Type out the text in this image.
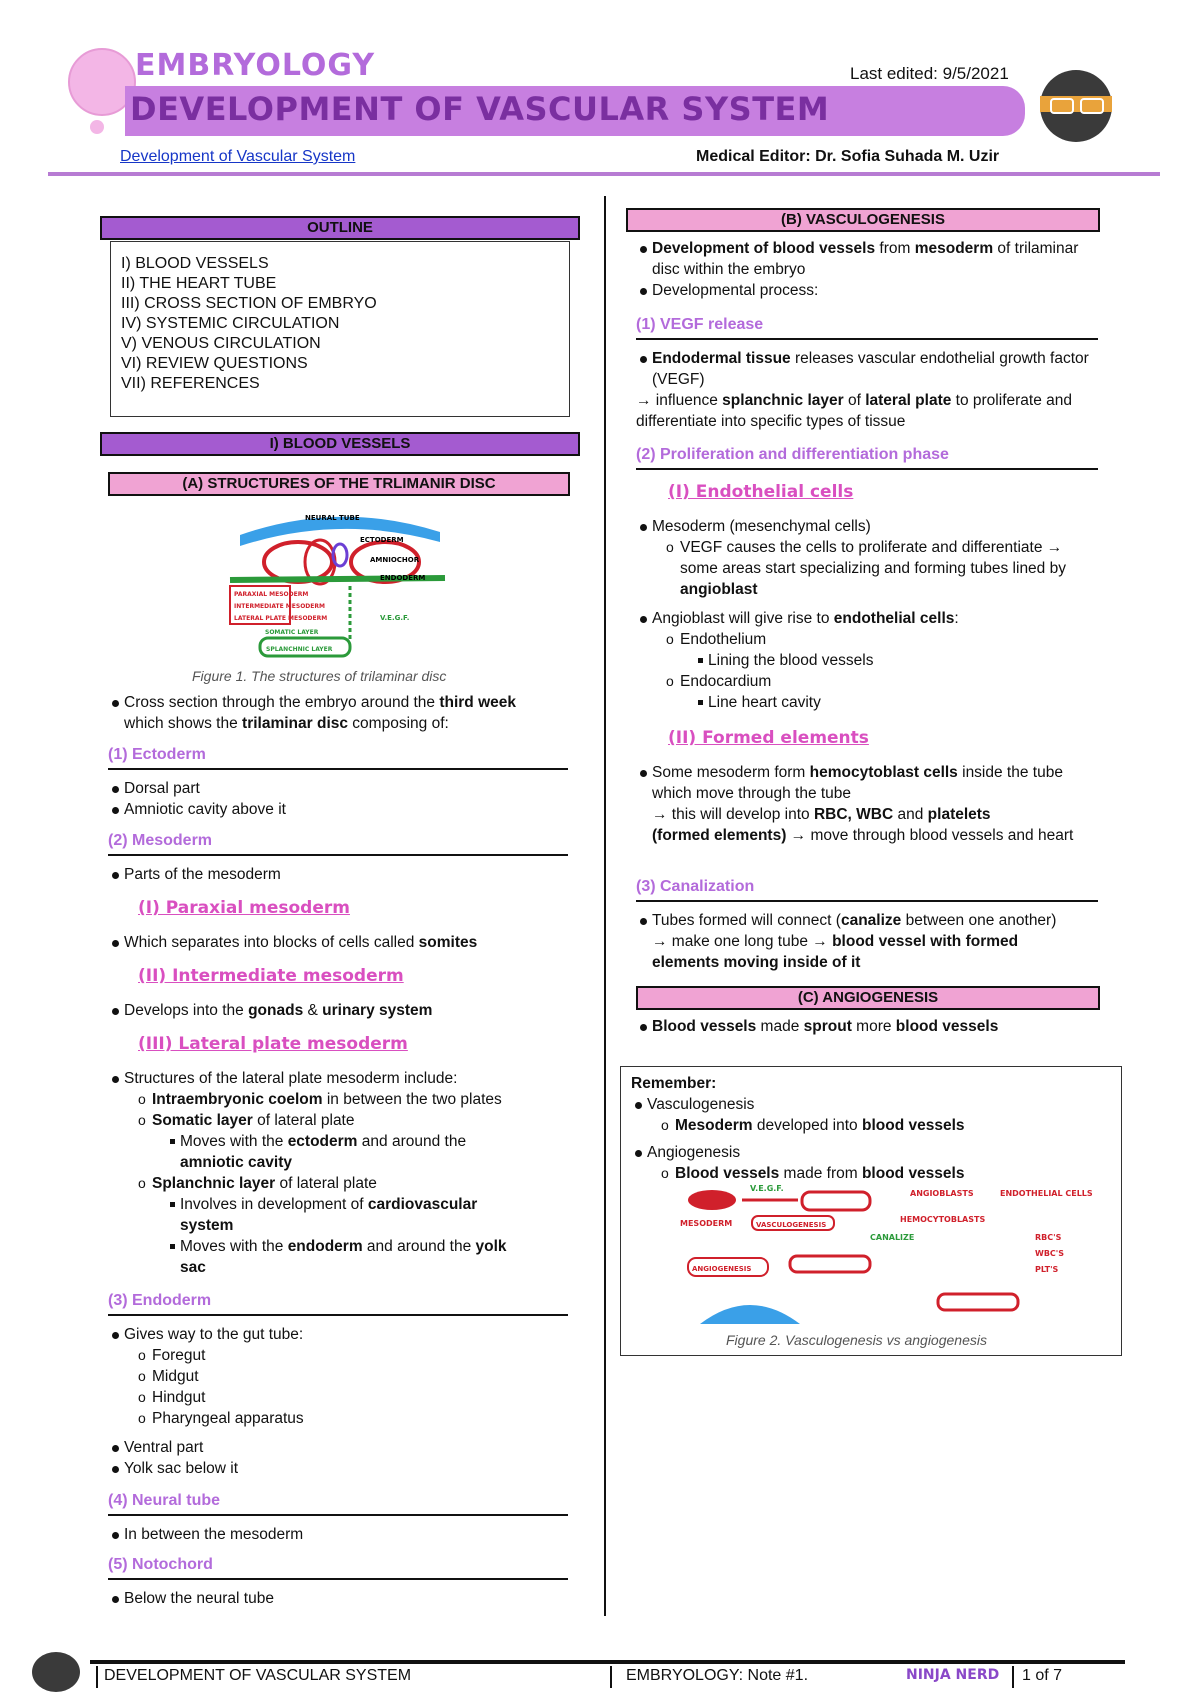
EMBRYOLOGY
DEVELOPMENT OF VASCULAR SYSTEM
Last edited: 9/5/2021
Development of Vascular System	Medical Editor: Dr. Sofia Suhada M. Uzir
OUTLINE
I) BLOOD VESSELS
II) THE HEART TUBE
III) CROSS SECTION OF EMBRYO
IV) SYSTEMIC CIRCULATION
V) VENOUS CIRCULATION
VI) REVIEW QUESTIONS
VII) REFERENCES
I) BLOOD VESSELS
(A) STRUCTURES OF THE TRLIMANIR DISC
NEURAL TUBE
ECTODERM
AMNIOCHOR
ENDODERM
PARAXIAL MESODERM
INTERMEDIATE MESODERM
LATERAL PLATE MESODERM
SOMATIC LAYER
SPLANCHNIC LAYER
V.E.G.F.
Figure 1. The structures of trilaminar disc
Cross section through the embryo around the third week
which shows the trilaminar disc composing of:
(1) Ectoderm
Dorsal part
Amniotic cavity above it
(2) Mesoderm
Parts of the mesoderm
(I) Paraxial mesoderm
Which separates into blocks of cells called somites
(II) Intermediate mesoderm
Develops into the gonads & urinary system
(III) Lateral plate mesoderm
Structures of the lateral plate mesoderm include:
o Intraembryonic coelom in between the two plates
o Somatic layer of lateral plate
Moves with the ectoderm and around the amniotic cavity
o Splanchnic layer of lateral plate
Involves in development of cardiovascular system
Moves with the endoderm and around the yolk sac
(3) Endoderm
Gives way to the gut tube:
o Foregut
o Midgut
o Hindgut
o Pharyngeal apparatus
Ventral part
Yolk sac below it
(4) Neural tube
In between the mesoderm
(5) Notochord
Below the neural tube
(B) VASCULOGENESIS
Development of blood vessels from mesoderm of trilaminar disc within the embryo
Developmental process:
(1) VEGF release
Endodermal tissue releases vascular endothelial growth factor (VEGF)
→ influence splanchnic layer of lateral plate to proliferate and differentiate into specific types of tissue
(2) Proliferation and differentiation phase
(I) Endothelial cells
Mesoderm (mesenchymal cells)
o VEGF causes the cells to proliferate and differentiate → some areas start specializing and forming tubes lined by angioblast
Angioblast will give rise to endothelial cells:
o Endothelium
Lining the blood vessels
o Endocardium
Line heart cavity
(II) Formed elements
Some mesoderm form hemocytoblast cells inside the tube which move through the tube
→ this will develop into RBC, WBC and platelets
(formed elements) → move through blood vessels and heart
(3) Canalization
Tubes formed will connect (canalize between one another) → make one long tube → blood vessel with formed elements moving inside of it
(C) ANGIOGENESIS
Blood vessels made sprout more blood vessels
Remember:
Vasculogenesis
o Mesoderm developed into blood vessels
Angiogenesis
o Blood vessels made from blood vessels
V.E.G.F.
ANGIOBLASTS	ENDOTHELIAL CELLS
MESODERM	VASCULOGENESIS
HEMOCYTOBLASTS
CANALIZE	RBC'S
WBC'S
PLT'S
ANGIOGENESIS
Figure 2. Vasculogenesis vs angiogenesis
DEVELOPMENT OF VASCULAR SYSTEM	EMBRYOLOGY: Note #1.	NINJA NERD 1 of 7
